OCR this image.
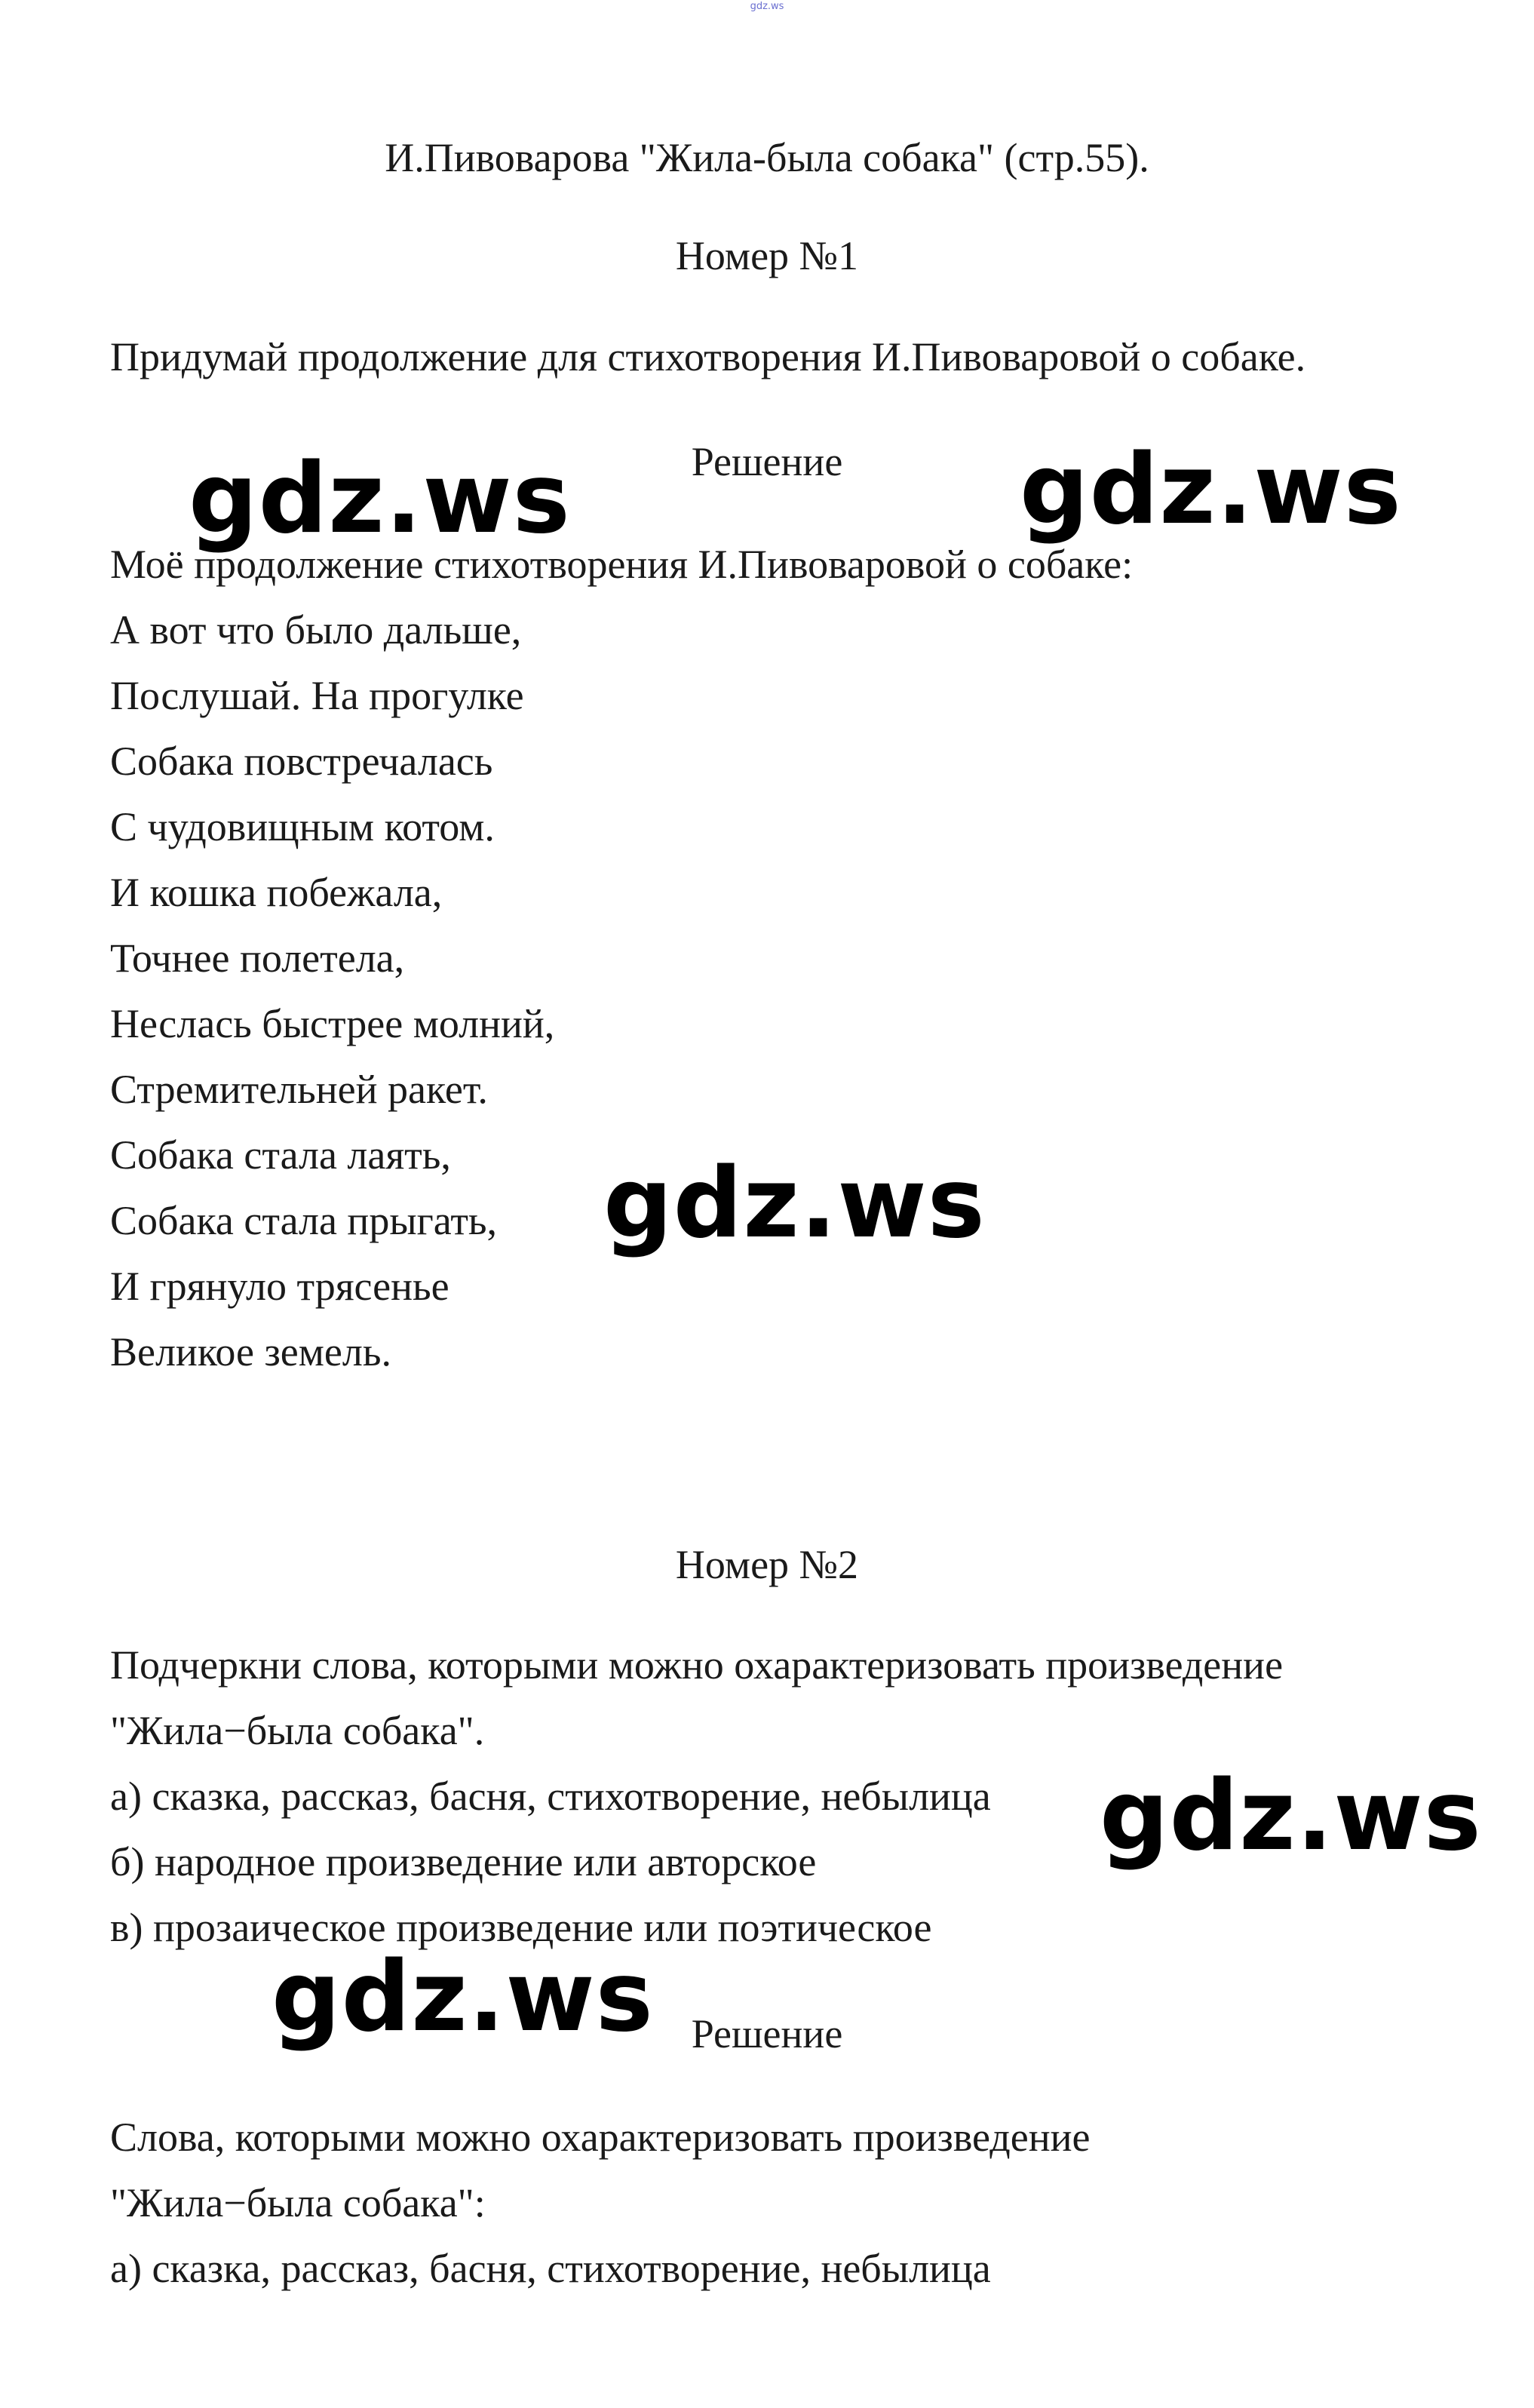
gdz.ws
И.Пивоварова "Жила-была собака" (стр.55).
Номер №1
Придумай продолжение для стихотворения И.Пивоваровой о собаке.
Решение
Моё продолжение стихотворения И.Пивоваровой о собаке:
А вот что было дальше,
Послушай. На прогулке
Собака повстречалась
С чудовищным котом.
И кошка побежала,
Точнее полетела,
Неслась быстрее молний,
Стремительней ракет.
Собака стала лаять,
Собака стала прыгать,
И грянуло трясенье
Великое земель.
Номер №2
Подчеркни слова, которыми можно охарактеризовать произведение
"Жила−была собака".
а) сказка, рассказ, басня, стихотворение, небылица
б) народное произведение или авторское
в) прозаическое произведение или поэтическое
Решение
Слова, которыми можно охарактеризовать произведение
"Жила−была собака":
а) сказка, рассказ, басня, стихотворение, небылица
gdz.ws	gdz.ws
gdz.ws
gdz.ws
gdz.ws
